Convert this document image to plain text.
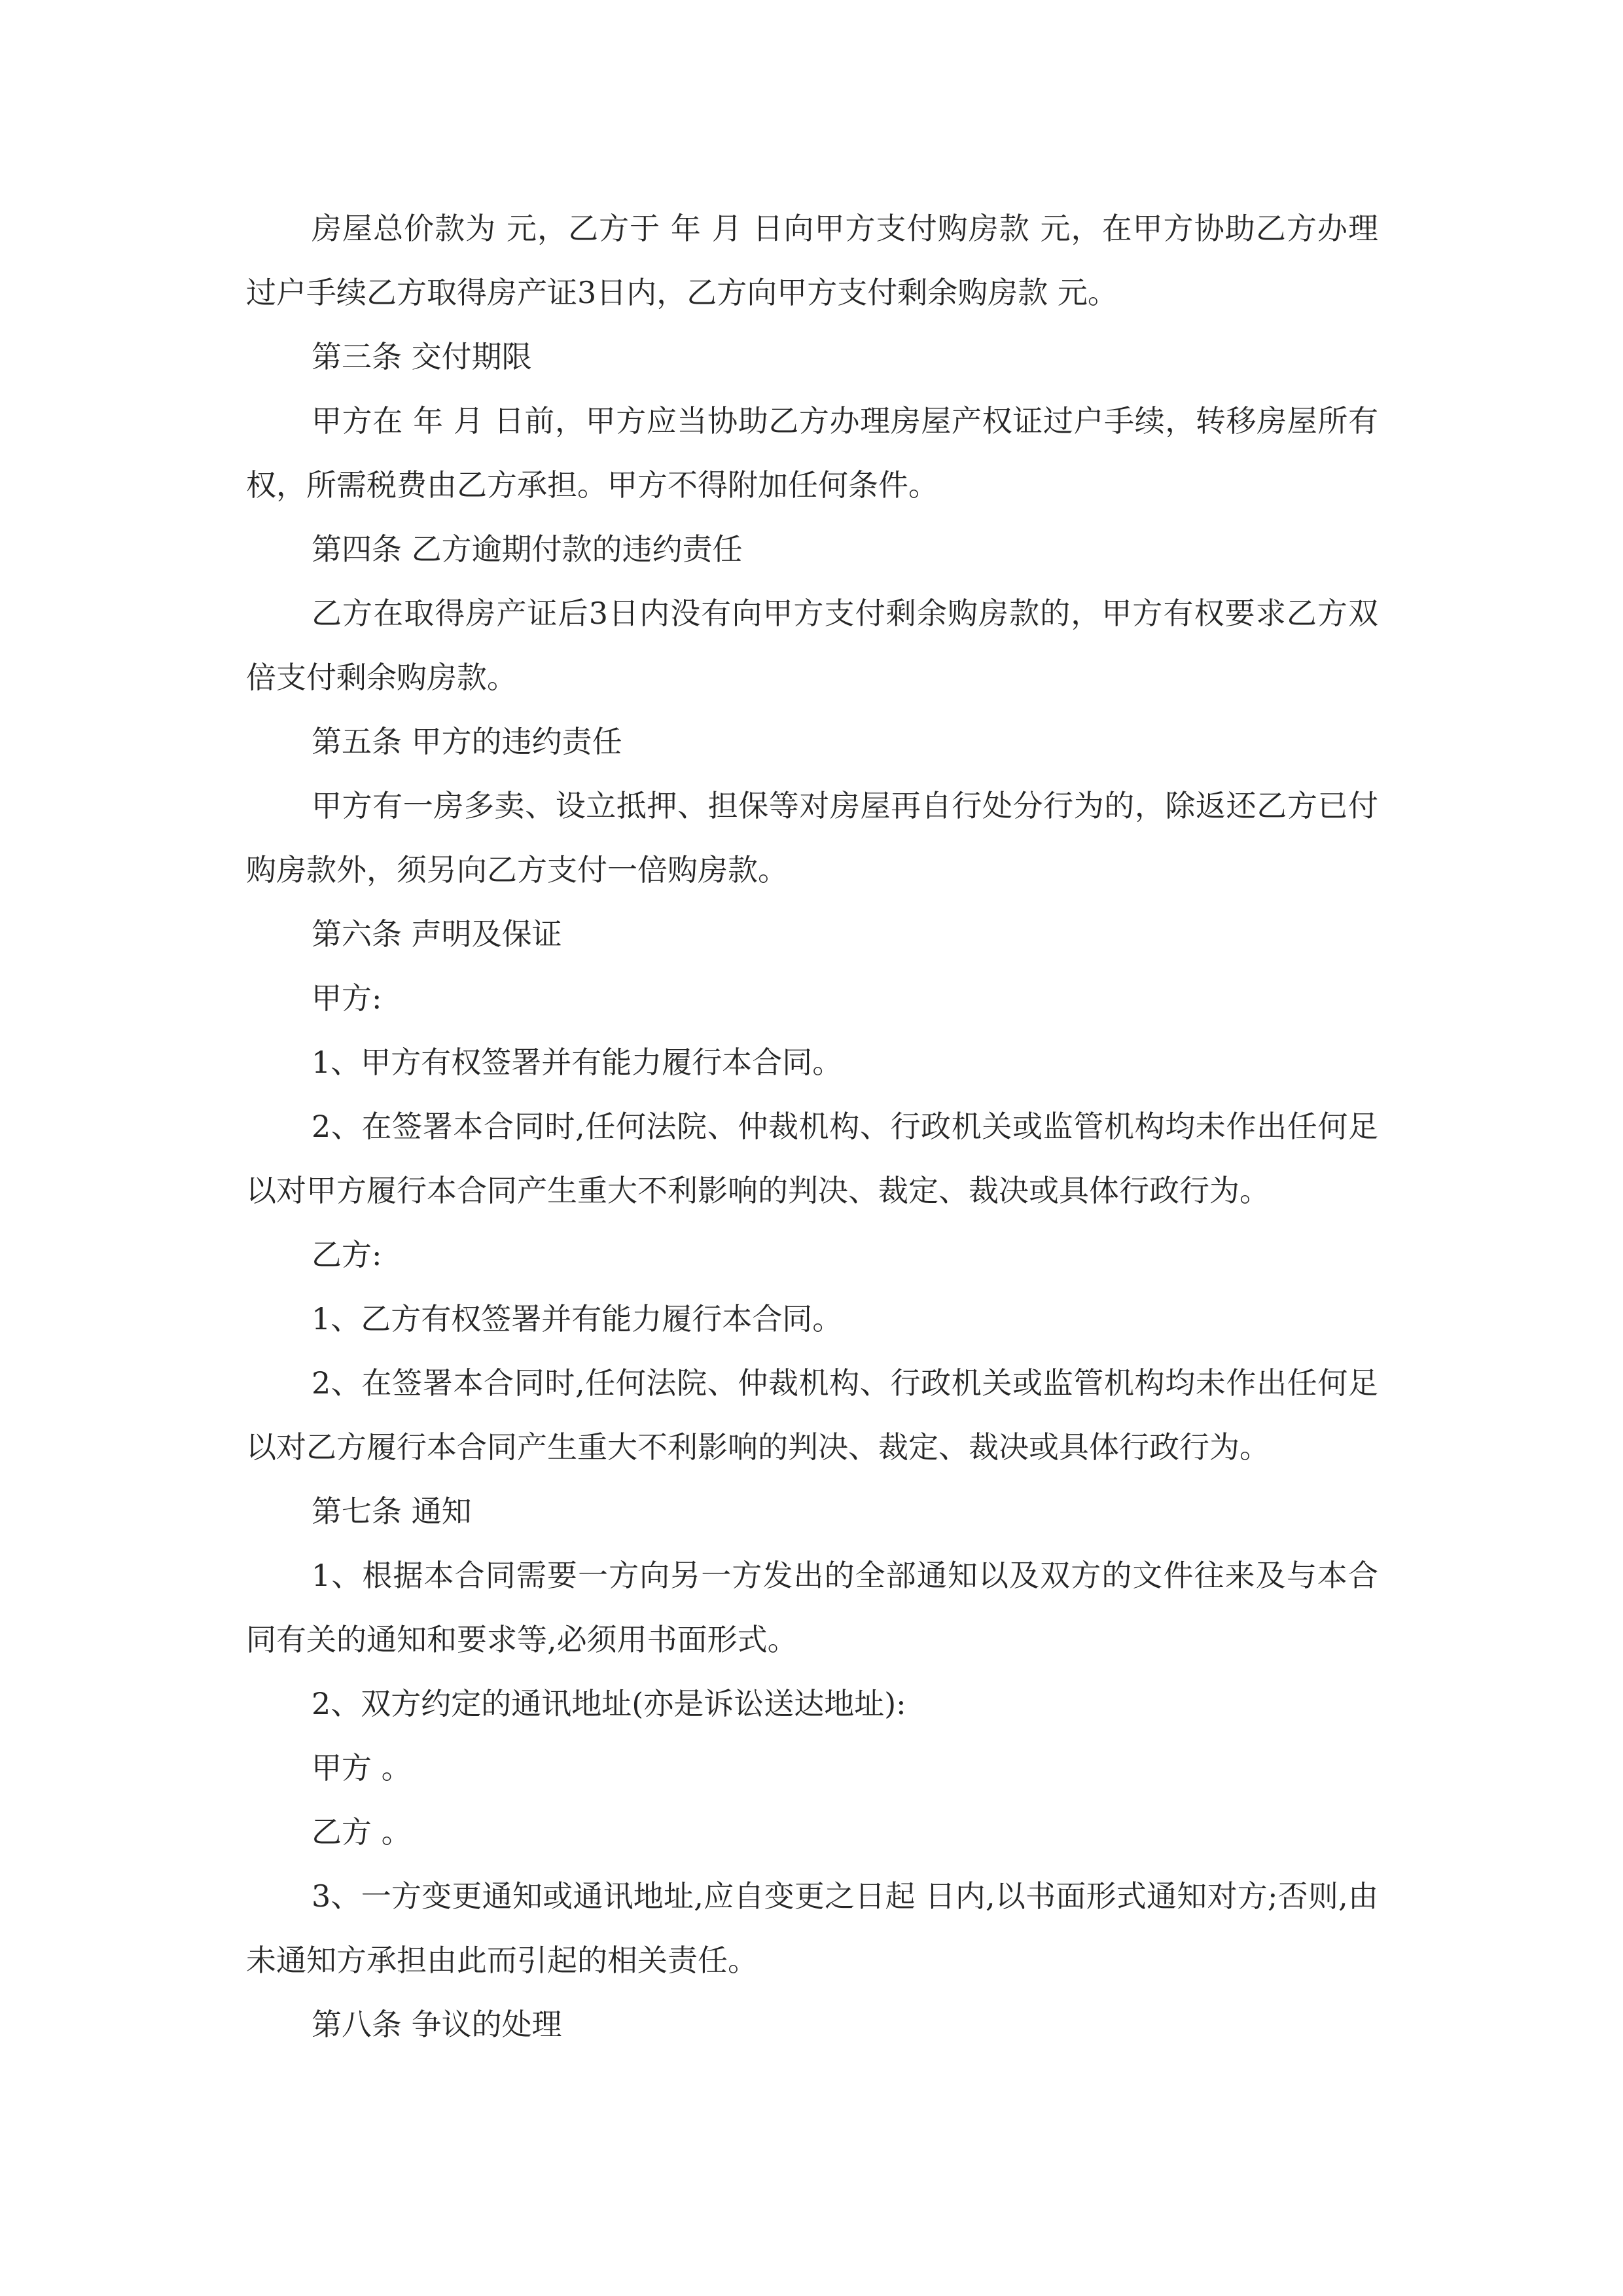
房屋总价款为 元，乙方于 年 月 日向甲方支付购房款 元，在甲方协助乙方办理过户手续乙方取得房产证3日内，乙方向甲方支付剩余购房款 元。

第三条 交付期限

甲方在 年 月 日前，甲方应当协助乙方办理房屋产权证过户手续，转移房屋所有权，所需税费由乙方承担。甲方不得附加任何条件。

第四条 乙方逾期付款的违约责任

乙方在取得房产证后3日内没有向甲方支付剩余购房款的，甲方有权要求乙方双倍支付剩余购房款。

第五条 甲方的违约责任

甲方有一房多卖、设立抵押、担保等对房屋再自行处分行为的，除返还乙方已付购房款外，须另向乙方支付一倍购房款。

第六条 声明及保证

甲方:

1、甲方有权签署并有能力履行本合同。

2、在签署本合同时,任何法院、仲裁机构、行政机关或监管机构均未作出任何足以对甲方履行本合同产生重大不利影响的判决、裁定、裁决或具体行政行为。

乙方:

1、乙方有权签署并有能力履行本合同。

2、在签署本合同时,任何法院、仲裁机构、行政机关或监管机构均未作出任何足以对乙方履行本合同产生重大不利影响的判决、裁定、裁决或具体行政行为。

第七条 通知

1、根据本合同需要一方向另一方发出的全部通知以及双方的文件往来及与本合同有关的通知和要求等,必须用书面形式。

2、双方约定的通讯地址(亦是诉讼送达地址):

甲方 。

乙方 。

3、一方变更通知或通讯地址,应自变更之日起 日内,以书面形式通知对方;否则,由未通知方承担由此而引起的相关责任。

第八条 争议的处理
